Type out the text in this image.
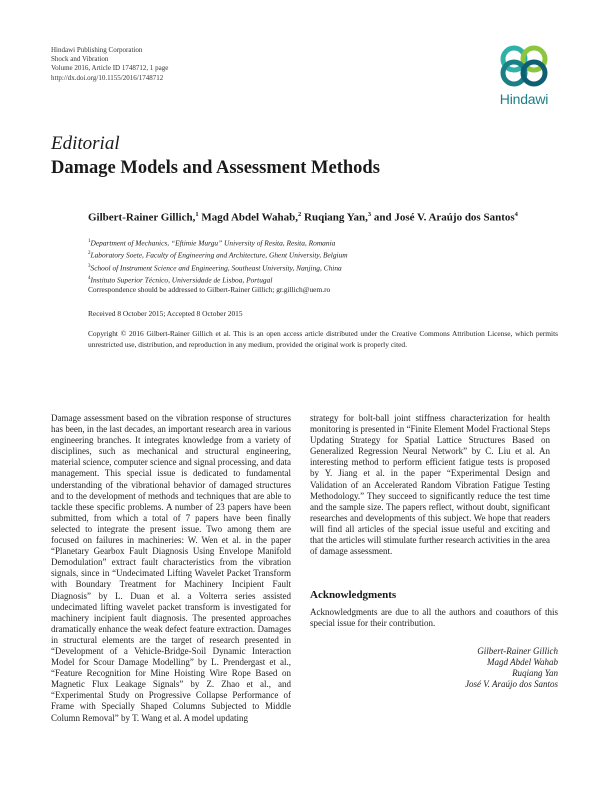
Hindawi Publishing Corporation
Shock and Vibration
Volume 2016, Article ID 1748712, 1 page
http://dx.doi.org/10.1155/2016/1748712
Hindawi
Editorial
Damage Models and Assessment Methods
Gilbert-Rainer Gillich,$^1$ Magd Abdel Wahab,$^2$ Ruqiang Yan,$^3$ and José V. Araújo dos Santos$^4$
$^1$Department of Mechanics, “Eftimie Murgu” University of Resita, Resita, Romania
$^2$Laboratory Soete, Faculty of Engineering and Architecture, Ghent University, Belgium
$^3$School of Instrument Science and Engineering, Southeast University, Nanjing, China
$^4$Instituto Superior Técnico, Universidade de Lisboa, Portugal
Correspondence should be addressed to Gilbert-Rainer Gillich; gr.gillich@uem.ro
Received 8 October 2015; Accepted 8 October 2015
Copyright © 2016 Gilbert-Rainer Gillich et al. This is an open access article distributed under the Creative Commons Attribution License, which permits unrestricted use, distribution, and reproduction in any medium, provided the original work is properly cited.
Damage assessment based on the vibration response of structures has been, in the last decades, an important research area in various engineering branches. It integrates knowledge from a variety of disciplines, such as mechanical and structural engineering, material science, computer science and signal processing, and data management. This special issue is dedicated to fundamental understanding of the vibrational behavior of damaged structures and to the development of methods and techniques that are able to tackle these specific problems. A number of 23 papers have been submitted, from which a total of 7 papers have been finally selected to integrate the present issue. Two among them are focused on failures in machineries: W. Wen et al. in the paper “Planetary Gearbox Fault Diagnosis Using Envelope Manifold Demodulation” extract fault characteristics from the vibration signals, since in “Undecimated Lifting Wavelet Packet Transform with Boundary Treatment for Machinery Incipient Fault Diagnosis” by L. Duan et al. a Volterra series assisted undecimated lifting wavelet packet transform is investigated for machinery incipient fault diagnosis. The presented approaches dramatically enhance the weak defect feature extraction. Damages in structural elements are the target of research presented in “Development of a Vehicle-Bridge-Soil Dynamic Interaction Model for Scour Damage Modelling” by L. Prendergast et al., “Feature Recognition for Mine Hoisting Wire Rope Based on Magnetic Flux Leakage Signals” by Z. Zhao et al., and “Experimental Study on Progressive Collapse Performance of Frame with Specially Shaped Columns Subjected to Middle Column Removal” by T. Wang et al. A model updating
strategy for bolt-ball joint stiffness characterization for health monitoring is presented in “Finite Element Model Fractional Steps Updating Strategy for Spatial Lattice Structures Based on Generalized Regression Neural Network” by C. Liu et al. An interesting method to perform efficient fatigue tests is proposed by Y. Jiang et al. in the paper “Experimental Design and Validation of an Accelerated Random Vibration Fatigue Testing Methodology.” They succeed to significantly reduce the test time and the sample size. The papers reflect, without doubt, significant researches and developments of this subject. We hope that readers will find all articles of the special issue useful and exciting and that the articles will stimulate further research activities in the area of damage assessment.
Acknowledgments
Acknowledgments are due to all the authors and coauthors of this special issue for their contribution.
Gilbert-Rainer Gillich
Magd Abdel Wahab
Ruqiang Yan
José V. Araújo dos Santos
